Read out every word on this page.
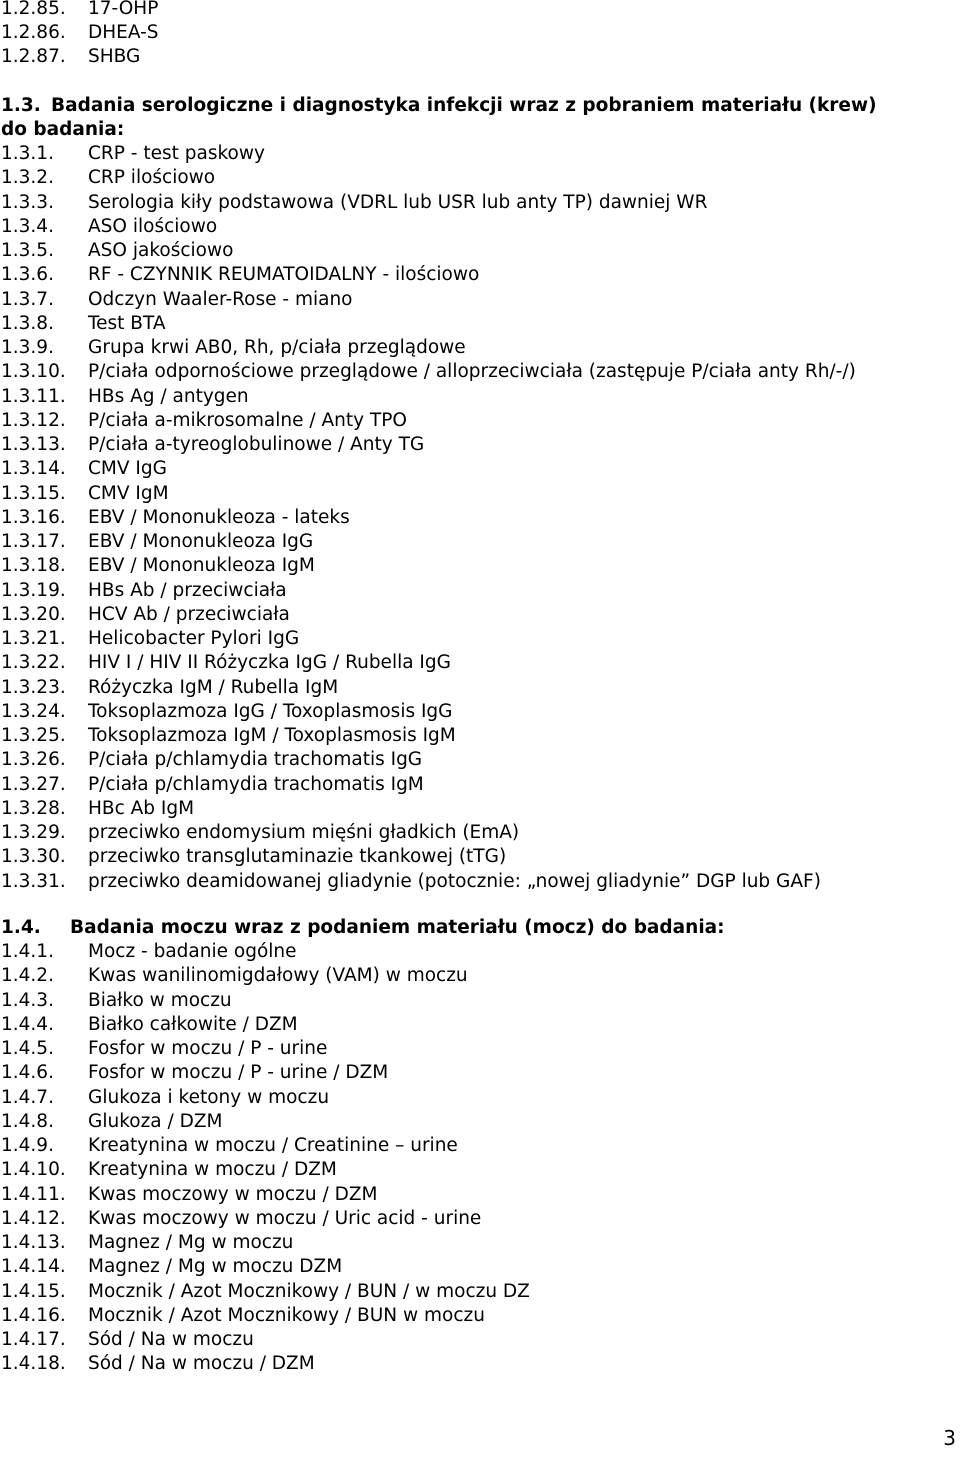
1.2.85. 17-OHP
1.2.86. DHEA-S
1.2.87. SHBG
1.3. Badania serologiczne i diagnostyka infekcji wraz z pobraniem materiału (krew)
do badania:
1.3.1. CRP - test paskowy
1.3.2. CRP ilościowo
1.3.3. Serologia kiły podstawowa (VDRL lub USR lub anty TP) dawniej WR
1.3.4. ASO ilościowo
1.3.5. ASO jakościowo
1.3.6. RF - CZYNNIK REUMATOIDALNY - ilościowo
1.3.7. Odczyn Waaler-Rose - miano
1.3.8. Test BTA
1.3.9. Grupa krwi AB0, Rh, p/ciała przeglądowe
1.3.10. P/ciała odpornościowe przeglądowe / alloprzeciwciała (zastępuje P/ciała anty Rh/-/)
1.3.11. HBs Ag / antygen
1.3.12. P/ciała a-mikrosomalne / Anty TPO
1.3.13. P/ciała a-tyreoglobulinowe / Anty TG
1.3.14. CMV IgG
1.3.15. CMV IgM
1.3.16. EBV / Mononukleoza - lateks
1.3.17. EBV / Mononukleoza IgG
1.3.18. EBV / Mononukleoza IgM
1.3.19. HBs Ab / przeciwciała
1.3.20. HCV Ab / przeciwciała
1.3.21. Helicobacter Pylori IgG
1.3.22. HIV I / HIV II Różyczka IgG / Rubella IgG
1.3.23. Różyczka IgM / Rubella IgM
1.3.24. Toksoplazmoza IgG / Toxoplasmosis IgG
1.3.25. Toksoplazmoza IgM / Toxoplasmosis IgM
1.3.26. P/ciała p/chlamydia trachomatis IgG
1.3.27. P/ciała p/chlamydia trachomatis IgM
1.3.28. HBc Ab IgM
1.3.29. przeciwko endomysium mięśni gładkich (EmA)
1.3.30. przeciwko transglutaminazie tkankowej (tTG)
1.3.31. przeciwko deamidowanej gliadynie (potocznie: „nowej gliadynie” DGP lub GAF)
1.4. Badania moczu wraz z podaniem materiału (mocz) do badania:
1.4.1. Mocz - badanie ogólne
1.4.2. Kwas wanilinomigdałowy (VAM) w moczu
1.4.3. Białko w moczu
1.4.4. Białko całkowite / DZM
1.4.5. Fosfor w moczu / P - urine
1.4.6. Fosfor w moczu / P - urine / DZM
1.4.7. Glukoza i ketony w moczu
1.4.8. Glukoza / DZM
1.4.9. Kreatynina w moczu / Creatinine – urine
1.4.10. Kreatynina w moczu / DZM
1.4.11. Kwas moczowy w moczu / DZM
1.4.12. Kwas moczowy w moczu / Uric acid - urine
1.4.13. Magnez / Mg w moczu
1.4.14. Magnez / Mg w moczu DZM
1.4.15. Mocznik / Azot Mocznikowy / BUN / w moczu DZ
1.4.16. Mocznik / Azot Mocznikowy / BUN w moczu
1.4.17. Sód / Na w moczu
1.4.18. Sód / Na w moczu / DZM
3
